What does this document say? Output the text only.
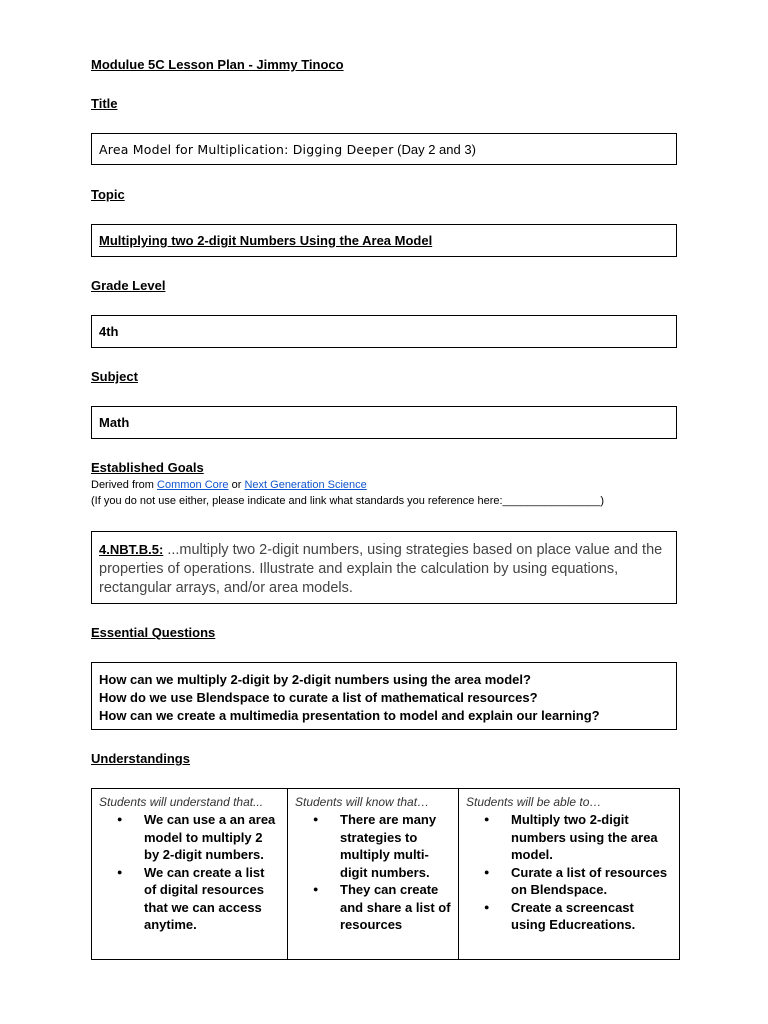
Modulue 5C Lesson Plan - Jimmy Tinoco
Title
Area Model for Multiplication: Digging Deeper (Day 2 and 3)
Topic
Multiplying two 2-digit Numbers Using the Area Model
Grade Level
4th
Subject
Math
Established Goals
Derived from Common Core or Next Generation Science
(If you do not use either, please indicate and link what standards you reference here:________________)
4.NBT.B.5: ...multiply two 2-digit numbers, using strategies based on place value and the properties of operations. Illustrate and explain the calculation by using equations, rectangular arrays, and/or area models.
Essential Questions
How can we multiply 2-digit by 2-digit numbers using the area model?
How do we use Blendspace to curate a list of mathematical resources?
How can we create a multimedia presentation to model and explain our learning?
Understandings
Students will understand that...
● We can use a an area model to multiply 2 by 2-digit numbers.
● We can create a list of digital resources that we can access anytime.

Students will know that…
● There are many strategies to multiply multi-digit numbers.
● They can create and share a list of resources

Students will be able to…
● Multiply two 2-digit numbers using the area model.
● Curate a list of resources on Blendspace.
● Create a screencast using Educreations.
